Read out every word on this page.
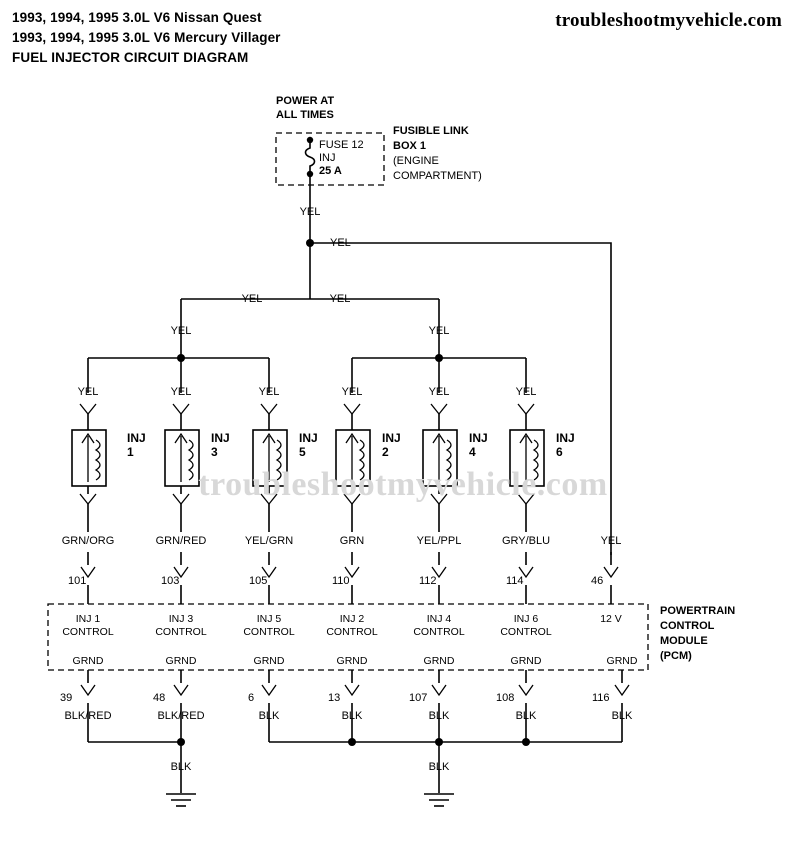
1993, 1994, 1995 3.0L V6 Nissan Quest
1993, 1994, 1995 3.0L V6 Mercury Villager
FUEL INJECTOR CIRCUIT DIAGRAM
troubleshootmyvehicle.com
troubleshootmyvehicle.com
POWER AT
ALL TIMES
FUSE 12
INJ
25 A
FUSIBLE LINK
BOX 1
(ENGINE
COMPARTMENT)
YEL
YEL
YEL	YEL
YEL	YEL
YEL	YEL	YEL	YEL	YEL	YEL
INJ
1
INJ
3
INJ
5
INJ
2
INJ
4
INJ
6
GRN/ORG	GRN/RED	YEL/GRN	GRN	YEL/PPL	GRY/BLU	YEL
101	103	105	110	112	114	46
INJ 1
CONTROL
INJ 3
CONTROL
INJ 5
CONTROL
INJ 2
CONTROL
INJ 4
CONTROL
INJ 6
CONTROL
12 V
GRND	GRND	GRND	GRND	GRND	GRND	GRND
POWERTRAIN
CONTROL
MODULE
(PCM)
39	48	6	13	107	108	116
BLK/RED	BLK/RED	BLK	BLK	BLK	BLK	BLK
BLK	BLK
